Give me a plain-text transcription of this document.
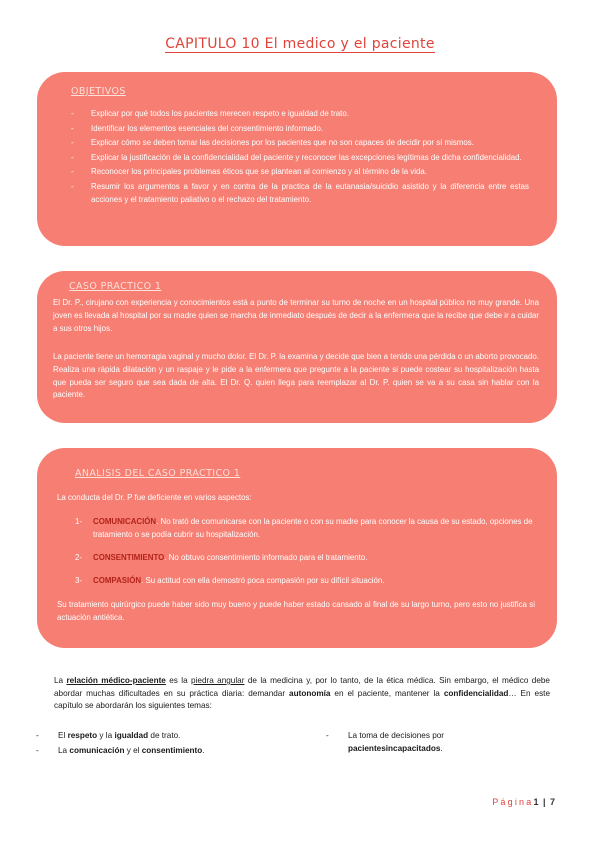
CAPITULO 10 El medico y el paciente
OBJETIVOS
- Explicar por qué todos los pacientes merecen respeto e igualdad de trato.
- Identificar los elementos esenciales del consentimiento informado.
- Explicar cómo se deben tomar las decisiones por los pacientes que no son capaces de decidir por sí mismos.
- Explicar la justificación de la confidencialidad del paciente y reconocer las excepciones legítimas de dicha confidencialidad.
- Reconocer los principales problemas éticos que se plantean al comienzo y al término de la vida.
- Resumir los argumentos a favor y en contra de la practica de la eutanasia/suicidio asistido y la diferencia entre estas acciones y el tratamiento paliativo o el rechazo del tratamiento.
CASO PRACTICO 1

El Dr. P., cirujano con experiencia y conocimientos está a punto de terminar su turno de noche en un hospital público no muy grande. Una joven es llevada al hospital por su madre quien se marcha de inmediato después de decir a la enfermera que la recibe que debe ir a cuidar a sus otros hijos.

La paciente tiene un hemorragia vaginal y mucho dolor. El Dr. P. la examina y decide que bien a tenido una pérdida o un aborto provocado. Realiza una rápida dilatación y un raspaje y le pide a la enfermera que pregunte a la paciente si puede costear su hospitalización hasta que pueda ser seguro que sea dada de alta. El Dr. Q. quien llega para reemplazar al Dr. P. quien se va a su casa sin hablar con la paciente.

ANALISIS DEL CASO PRACTICO 1

La conducta del Dr. P fue deficiente en varios aspectos:

1- COMUNICACIÓN. No trató de comunicarse con la paciente o con su madre para conocer la causa de su estado, opciones de tratamiento o se podía cubrir su hospitalización.
2- CONSENTIMIENTO. No obtuvo consentimiento informado para el tratamiento.
3- COMPASIÓN. Su actitud con ella demostró poca compasión por su difícil situación.

Su tratamiento quirúrgico puede haber sido muy bueno y puede haber estado cansado al final de su largo turno, pero esto no justifica si actuación antiética.

La relación médico-paciente es la piedra angular de la medicina y, por lo tanto, de la ética médica. Sin embargo, el médico debe abordar muchas dificultades en su práctica diaria: demandar autonomía en el paciente, mantener la confidencialidad… En este capítulo se abordarán los siguientes temas:

- El respeto y la igualdad de trato.
- La comunicación y el consentimiento.
- La toma de decisiones por
pacientesincapacitados.
Página1 | 7
